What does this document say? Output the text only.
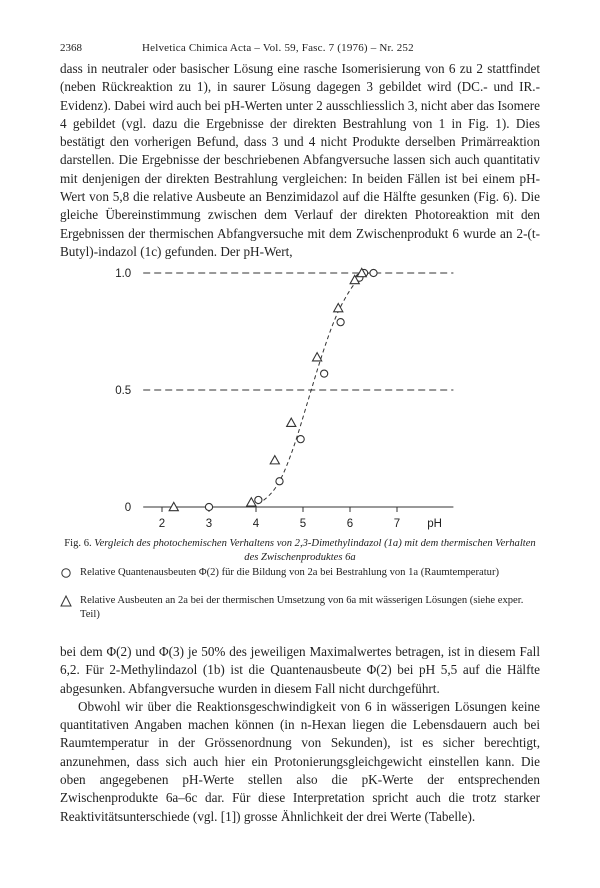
2368	Helvetica Chimica Acta – Vol. 59, Fasc. 7 (1976) – Nr. 252

dass in neutraler oder basischer Lösung eine rasche Isomerisierung von 6 zu 2 stattfindet (neben Rückreaktion zu 1), in saurer Lösung dagegen 3 gebildet wird (DC.- und IR.-Evidenz). Dabei wird auch bei pH-Werten unter 2 ausschliesslich 3, nicht aber das Isomere 4 gebildet (vgl. dazu die Ergebnisse der direkten Bestrahlung von 1 in Fig. 1). Dies bestätigt den vorherigen Befund, dass 3 und 4 nicht Produkte derselben Primärreaktion darstellen. Die Ergebnisse der beschriebenen Abfangversuche lassen sich auch quantitativ mit denjenigen der direkten Bestrahlung vergleichen: In beiden Fällen ist bei einem pH-Wert von 5,8 die relative Ausbeute an Benzimidazol auf die Hälfte gesunken (Fig. 6). Die gleiche Übereinstimmung zwischen dem Verlauf der direkten Photoreaktion mit den Ergebnissen der thermischen Abfangversuche mit dem Zwischenprodukt 6 wurde an 2-(t-Butyl)-indazol (1c) gefunden. Der pH-Wert,

2	3	4	5	6	7 pH
0
0.5
1.0
Fig. 6. Vergleich des photochemischen Verhaltens von 2,3-Dimethylindazol (1a) mit dem thermischen Verhalten des Zwischenproduktes 6a
Relative Quantenausbeuten Φ(2) für die Bildung von 2a bei Bestrahlung von 1a (Raumtemperatur)
Relative Ausbeuten an 2a bei der thermischen Umsetzung von 6a mit wässerigen Lösungen (siehe exper. Teil)

bei dem Φ(2) und Φ(3) je 50% des jeweiligen Maximalwertes betragen, ist in diesem Fall 6,2. Für 2-Methylindazol (1b) ist die Quantenausbeute Φ(2) bei pH 5,5 auf die Hälfte abgesunken. Abfangversuche wurden in diesem Fall nicht durchgeführt.

Obwohl wir über die Reaktionsgeschwindigkeit von 6 in wässerigen Lösungen keine quantitativen Angaben machen können (in n-Hexan liegen die Lebensdauern auch bei Raumtemperatur in der Grössenordnung von Sekunden), ist es sicher berechtigt, anzunehmen, dass sich auch hier ein Protonierungsgleichgewicht einstellen kann. Die oben angegebenen pH-Werte stellen also die pK-Werte der entsprechenden Zwischenprodukte 6a–6c dar. Für diese Interpretation spricht auch die trotz starker Reaktivitätsunterschiede (vgl. [1]) grosse Ähnlichkeit der drei Werte (Tabelle).
